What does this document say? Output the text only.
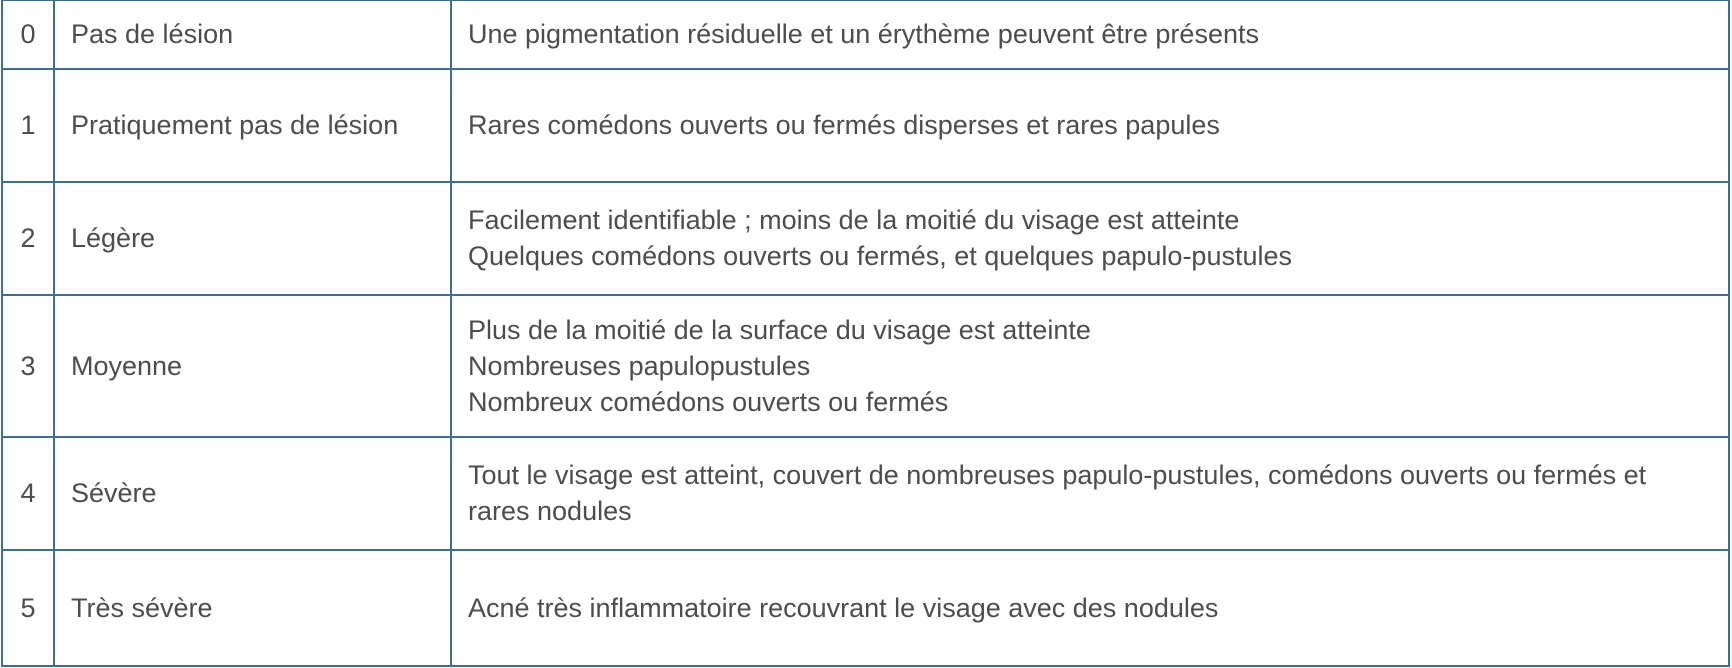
0	Pas de lésion	Une pigmentation résiduelle et un érythème peuvent être présents

1	Pratiquement pas de lésion	Rares comédons ouverts ou fermés disperses et rares papules

2	Légère	Facilement identifiable ; moins de la moitié du visage est atteinte
Quelques comédons ouverts ou fermés, et quelques papulo-pustules

3	Moyenne	Plus de la moitié de la surface du visage est atteinte
Nombreuses papulopustules
Nombreux comédons ouverts ou fermés

4	Sévère	Tout le visage est atteint, couvert de nombreuses papulo-pustules, comédons ouverts ou fermés et rares nodules

5	Très sévère	Acné très inflammatoire recouvrant le visage avec des nodules
